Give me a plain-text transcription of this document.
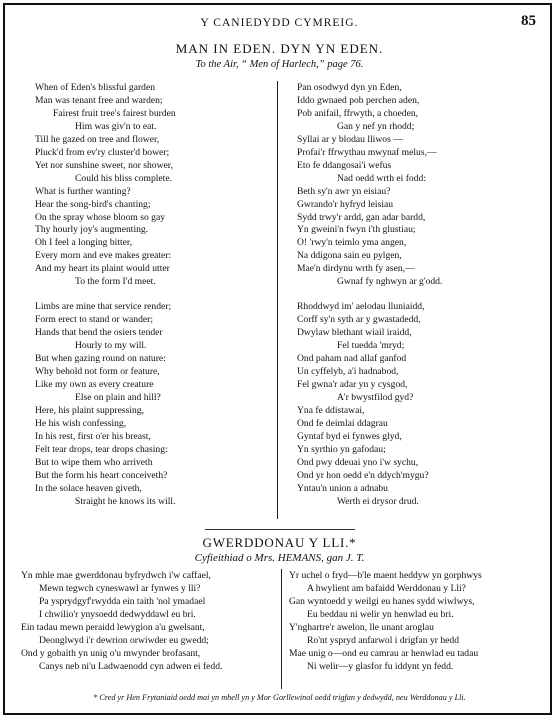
Y CANIEDYDD CYMREIG.	85
MAN IN EDEN. DYN YN EDEN.
To the Air, “ Men of Harlech,” page 76.
When of Eden's blissful garden
Man was tenant free and warden;
Fairest fruit tree's fairest burden
Him was giv'n to eat.
Till he gazed on tree and flower,
Pluck'd from ev'ry cluster'd bower;
Yet nor sunshine sweet, nor shower,
Could his bliss complete.
What is further wanting?
Hear the song-bird's chanting;
On the spray whose bloom so gay
Thy hourly joy's augmenting.
Oh I feel a longing bitter,
Every morn and eve makes greater:
And my heart its plaint would utter
To the form I'd meet.
Limbs are mine that service render;
Form erect to stand or wander;
Hands that bend the osiers tender
Hourly to my will.
But when gazing round on nature:
Why behold not form or feature,
Like my own as every creature
Else on plain and hill?
Here, his plaint suppressing,
He his wish confessing,
In his rest, first o'er his breast,
Felt tear drops, tear drops chasing:
But to wipe them who arriveth
But the form his heart conceiveth?
In the solace heaven giveth,
Straight he knows its will.
Pan osodwyd dyn yn Eden,
Iddo gwnaed pob perchen aden,
Pob anifail, ffrwyth, a choeden,
Gan y nef yn rhodd;
Syllai ar y blodau lliwos —
Profai'r ffrwythau mwynaf melus,—
Eto fe ddangosai'i wefus
Nad oedd wrth ei fodd:
Beth sy'n awr yn eisiau?
Gwrando'r hyfryd leisiau
Sydd trwy'r ardd, gan adar bardd,
Yn gweini'n fwyn i'th glustiau;
O! 'rwy'n teimlo yma angen,
Na ddigona sain eu pylgen,
Mae'n dirdynu wrth fy asen,—
Gwnaf fy nghwyn ar g'odd.
Rhoddwyd im' aelodau lluniaidd,
Corff sy'n syth ar y gwastadedd,
Dwylaw blethant wiail iraidd,
Fel tuedda 'mryd;
Ond paham nad allaf ganfod
Un cyffelyb, a'i hadnabod,
Fel gwna'r adar yn y cysgod,
A'r bwystfilod gyd?
Yna fe ddistawai,
Ond fe deimlai ddagrau
Gyntaf byd ei fynwes glyd,
Yn syrthio yn gafodau;
Ond pwy ddeuai yno i'w sychu,
Ond yr hon oedd e'n ddych'mygu?
Yntau'n union a adnabu
Werth ei drysor drud.
GWERDDONAU Y LLI.*
Cyfieithiad o Mrs. HEMANS, gan J. T.
Yn mhle mae gwerddonau byfrydwch i'w caffael,
Mewn tegwch cyneswawl ar fynwes y lli?
Pa ysprydgyf'rwydda ein taith 'nol ymadael
I chwilio'r ynysoedd dedwyddawl eu bri.
Ein tadau mewn peraidd lewygion a'u gwelsant,
Deonglwyd i'r dewrion orwiwder eu gwedd;
Ond y gobaith yn unig o'u mwynder brofasant,
Canys neb ni'u Ladwaenodd cyn adwen ei fedd.
Yr uchel o fryd—b'le maent heddyw yn gorphwys
A hwylient am bafaidd Werddonau y Lli?
Gan wyntoedd y weilgi eu hanes sydd wiwlwys,
Eu beddau ni welir yn henwlad eu bri.
Y'nghartre'r awelon, lle unant aroglau
Ro'nt yspryd anfarwol i drigfan yr hedd
Mae unig o—ond eu camrau ar henwlad eu tadau
Ni welir—y glasfor fu iddynt yn fedd.
* Cred yr Hen Frytaniaid oedd mai yn mhell yn y Mor Gorllewinol oedd trigfan y dedwydd, neu Werddonau y Lli.
